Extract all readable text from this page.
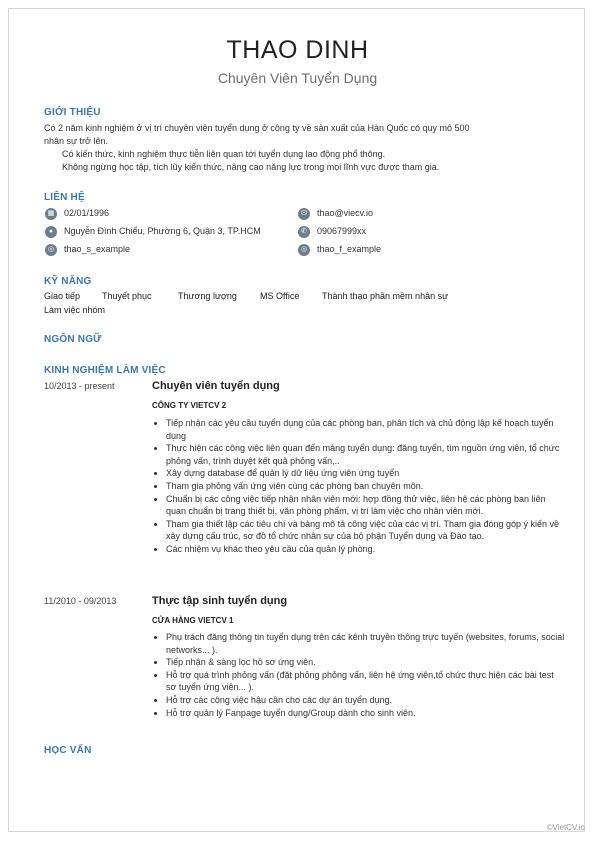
THAO DINH
Chuyên Viên Tuyển Dụng
GIỚI THIỆU
Có 2 năm kinh nghiệm ở vị trí chuyên viên tuyển dụng ở công ty về sản xuất của Hàn Quốc có quy mô 500
nhân sự trở lên.
Có kiến thức, kinh nghiệm thực tiễn liên quan tới tuyển dụng lao động phổ thông.
Không ngừng học tập, tích lũy kiến thức, nâng cao năng lực trong mọi lĩnh vực được tham gia.
LIÊN HỆ
▦ 02/01/1996	✉	thao@viecv.io
●	Nguyễn Đình Chiểu, Phường 6, Quận 3, TP.HCM	✆	09067999xx
◎	thao_s_example	◎	thao_f_example
KỸ NĂNG
Giao tiếp Thuyết phục	Thương lượng	MS Office	Thành thạo phần mềm nhân sự
Làm việc nhóm
NGÔN NGỮ
KINH NGHIỆM LÀM VIỆC
10/2013 - present	Chuyên viên tuyển dụng
CÔNG TY VIETCV 2
• Tiếp nhận các yêu cầu tuyển dụng của các phòng ban, phân tích và chủ động lập kế hoạch tuyển dụng
• Thực hiện các công việc liên quan đến mảng tuyển dụng: đăng tuyển, tìm nguồn ứng viên, tổ chức phỏng vấn, trình duyệt kết quả phỏng vấn,..
• Xây dựng database để quản lý dữ liệu ứng viên ứng tuyển
• Tham gia phỏng vấn ứng viên cùng các phòng ban chuyên môn.
• Chuẩn bị các công việc tiếp nhận nhân viên mới: hợp đồng thử việc, liên hệ các phòng ban liên quan chuẩn bị trang thiết bị, văn phòng phẩm, vị trí làm việc cho nhân viên mới.
• Tham gia thiết lập các tiêu chí và bảng mô tả công việc của các vị trí. Tham gia đóng góp ý kiến về xây dựng cấu trúc, sơ đồ tổ chức nhân sự của bộ phận Tuyển dụng và Đào tạo.
• Các nhiệm vụ khác theo yêu cầu của quản lý phòng.
11/2010 - 09/2013	Thực tập sinh tuyển dụng
CỬA HÀNG VIETCV 1
• Phụ trách đăng thông tin tuyển dụng trên các kênh truyền thông trực tuyến (websites, forums, social networks... ).
• Tiếp nhận & sàng lọc hồ sơ ứng viên.
• Hỗ trợ quá trình phỏng vấn (đặt phỏng phỏng vấn, liên hệ ứng viên,tổ chức thực hiện các bài test sơ tuyển ứng viên... ).
• Hỗ trợ các công việc hậu cần cho các dự án tuyển dụng.
• Hỗ trợ quản lý Fanpage tuyển dụng/Group dành cho sinh viên.
HỌC VẤN
©VietCV.io
